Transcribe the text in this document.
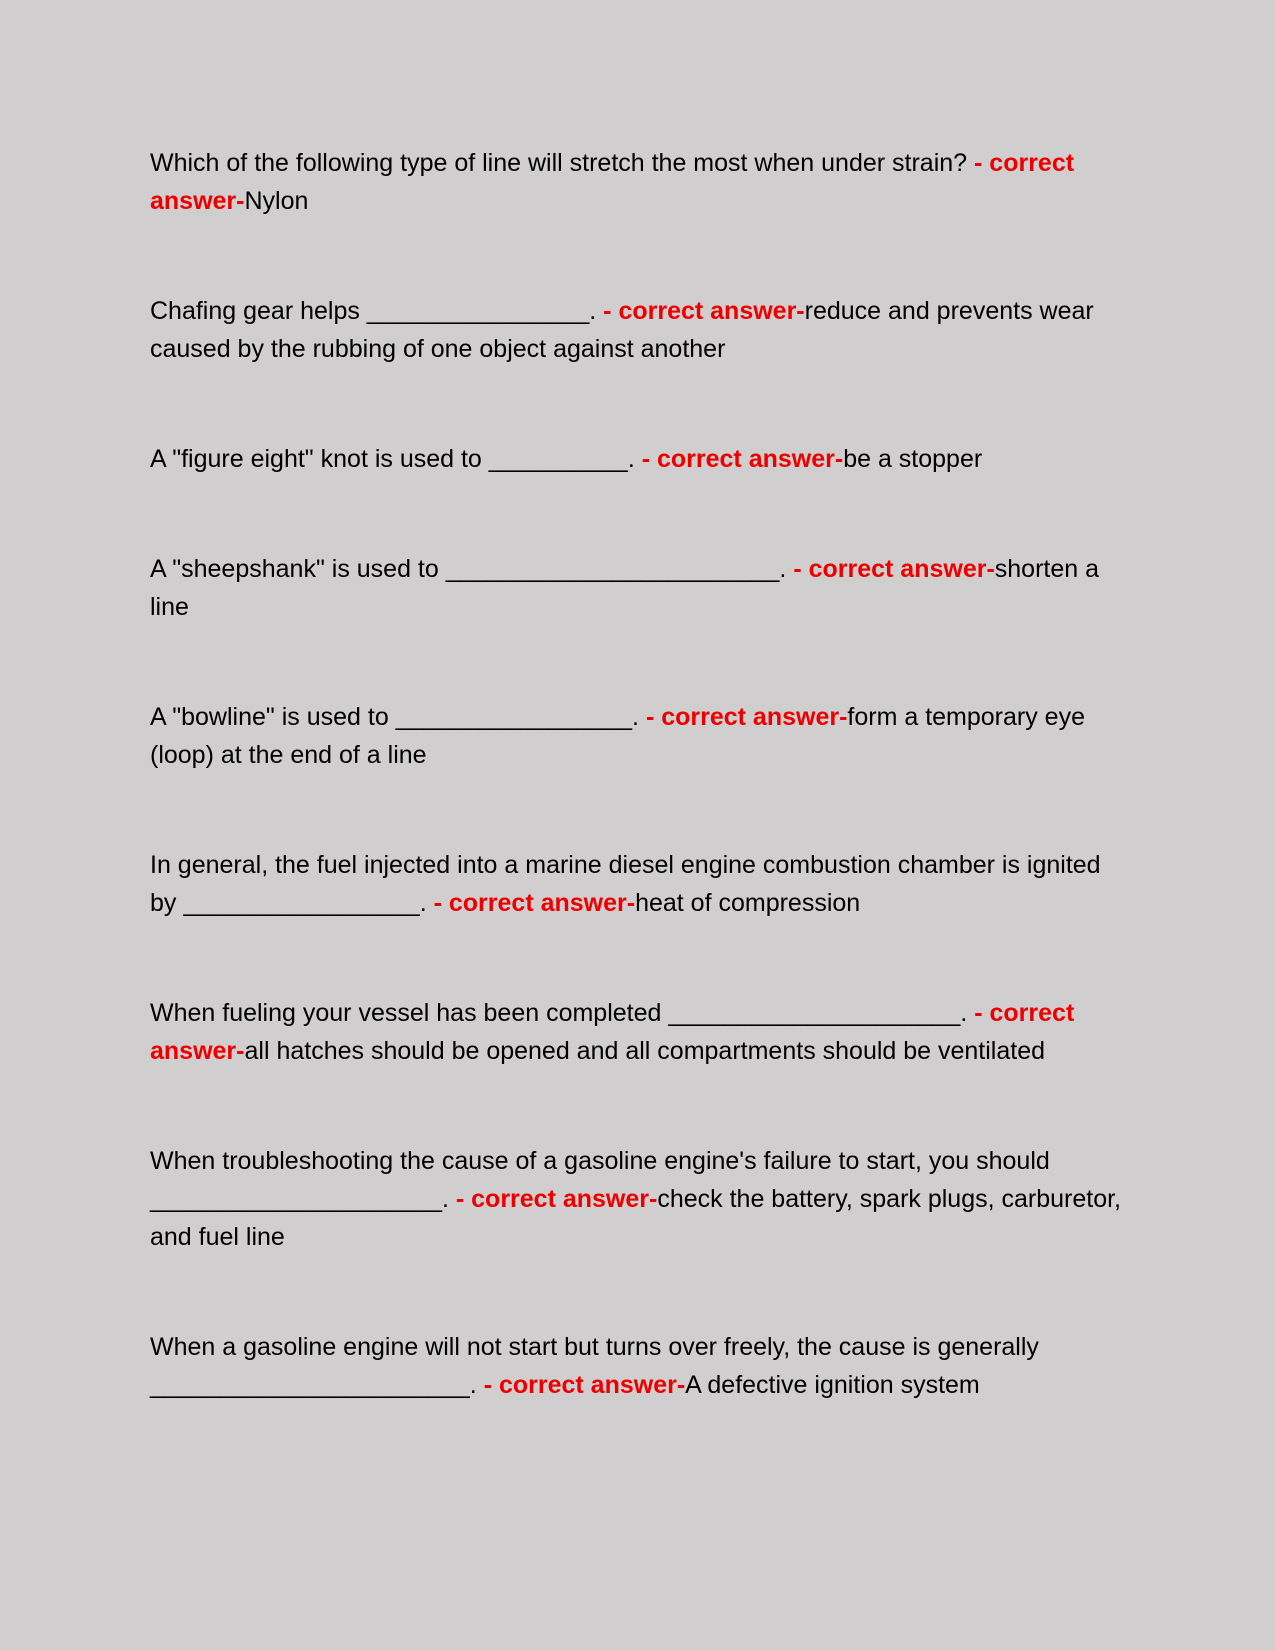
Which of the following type of line will stretch the most when under strain? - correct answer-Nylon

Chafing gear helps ________________. - correct answer-reduce and prevents wear caused by the rubbing of one object against another

A "figure eight" knot is used to __________. - correct answer-be a stopper

A "sheepshank" is used to ________________________. - correct answer-shorten a line

A "bowline" is used to _________________. - correct answer-form a temporary eye (loop) at the end of a line

In general, the fuel injected into a marine diesel engine combustion chamber is ignited by _________________. - correct answer-heat of compression

When fueling your vessel has been completed _____________________. - correct answer-all hatches should be opened and all compartments should be ventilated

When troubleshooting the cause of a gasoline engine's failure to start, you should _____________________. - correct answer-check the battery, spark plugs, carburetor, and fuel line

When a gasoline engine will not start but turns over freely, the cause is generally _______________________. - correct answer-A defective ignition system
